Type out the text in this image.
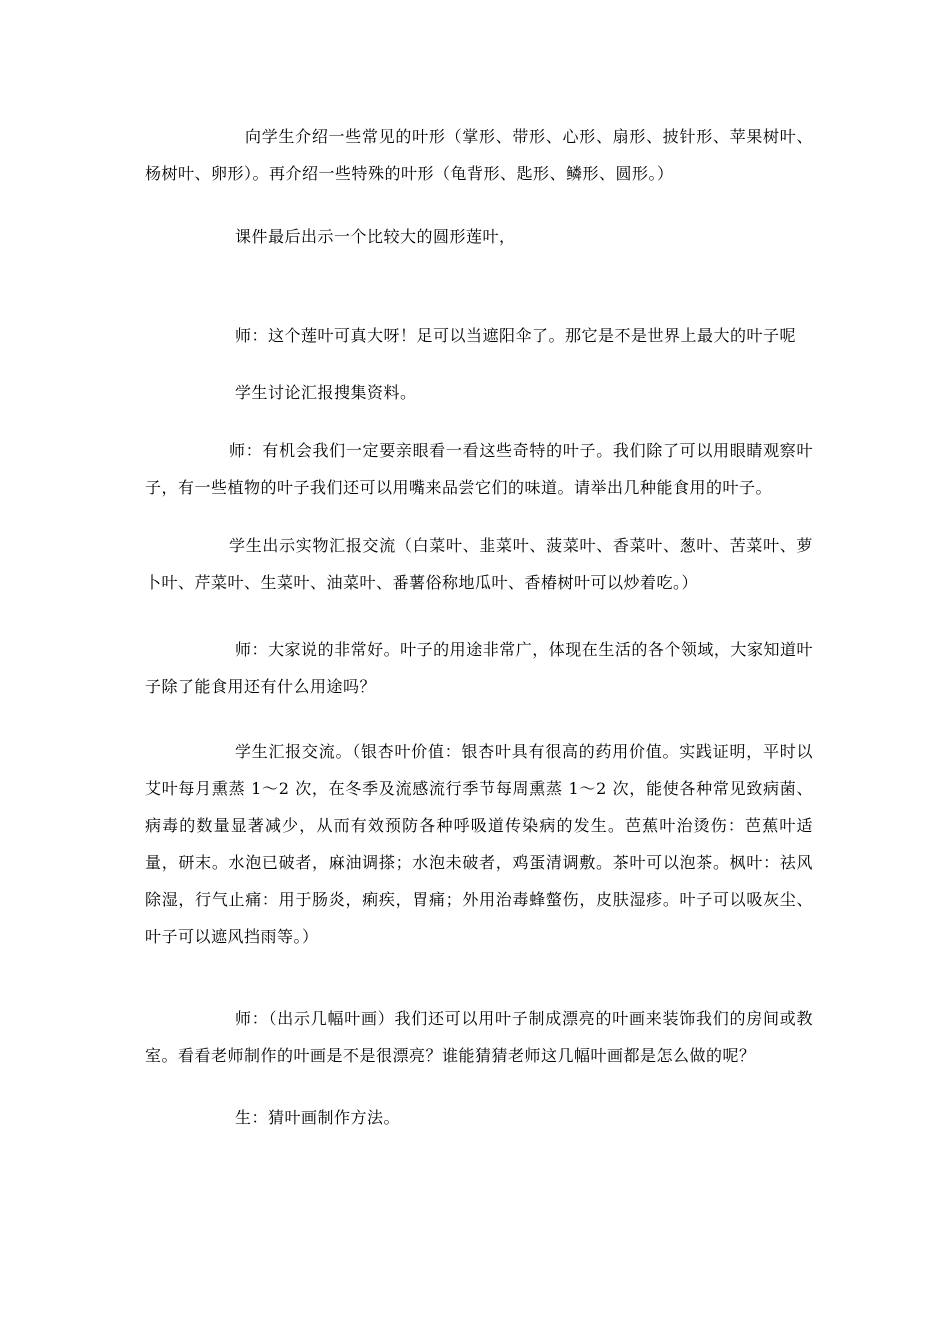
向学生介绍一些常见的叶形（掌形、带形、心形、扇形、披针形、苹果树叶、杨树叶、卵形）。再介绍一些特殊的叶形（龟背形、匙形、鳞形、圆形。）

课件最后出示一个比较大的圆形莲叶，

师：这个莲叶可真大呀！足可以当遮阳伞了。那它是不是世界上最大的叶子呢

学生讨论汇报搜集资料。

师：有机会我们一定要亲眼看一看这些奇特的叶子。我们除了可以用眼睛观察叶子，有一些植物的叶子我们还可以用嘴来品尝它们的味道。请举出几种能食用的叶子。

学生出示实物汇报交流（白菜叶、韭菜叶、菠菜叶、香菜叶、葱叶、苦菜叶、萝卜叶、芹菜叶、生菜叶、油菜叶、番薯俗称地瓜叶、香椿树叶可以炒着吃。）

师：大家说的非常好。叶子的用途非常广，体现在生活的各个领域，大家知道叶子除了能食用还有什么用途吗？

学生汇报交流。（银杏叶价值：银杏叶具有很高的药用价值。实践证明，平时以艾叶每月熏蒸 1～2 次，在冬季及流感流行季节每周熏蒸 1～2 次，能使各种常见致病菌、病毒的数量显著减少，从而有效预防各种呼吸道传染病的发生。芭蕉叶治烫伤：芭蕉叶适量，研末。水泡已破者，麻油调搽；水泡未破者，鸡蛋清调敷。茶叶可以泡茶。枫叶：祛风除湿，行气止痛：用于肠炎，痢疾，胃痛；外用治毒蜂螫伤，皮肤湿疹。叶子可以吸灰尘、叶子可以遮风挡雨等。）

师：（出示几幅叶画）我们还可以用叶子制成漂亮的叶画来装饰我们的房间或教室。看看老师制作的叶画是不是很漂亮？谁能猜猜老师这几幅叶画都是怎么做的呢？

生：猜叶画制作方法。
